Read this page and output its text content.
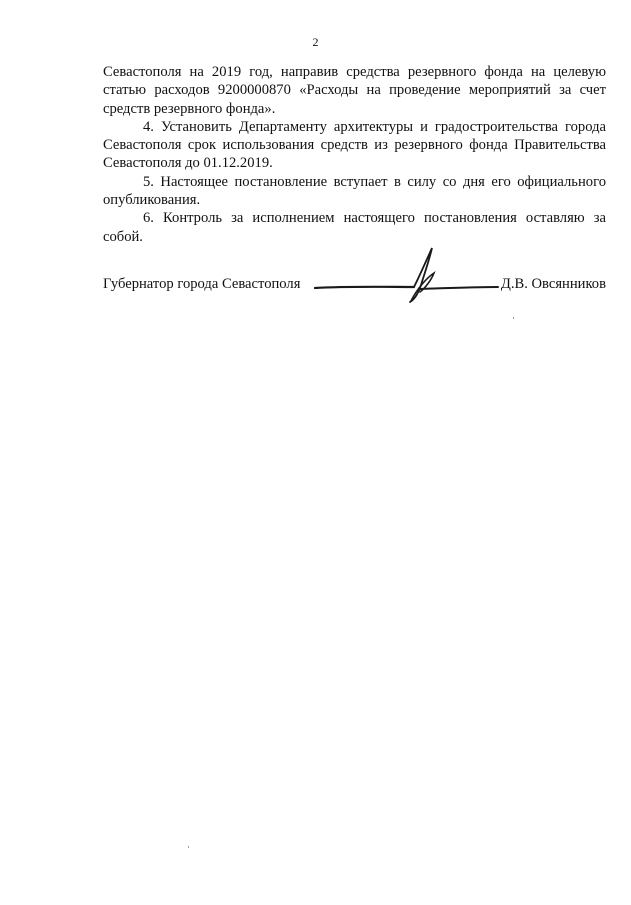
2

Севастополя на 2019 год, направив средства резервного фонда на целевую статью расходов 9200000870 «Расходы на проведение мероприятий за счет средств резервного фонда».

4. Установить Департаменту архитектуры и градостроительства города Севастополя срок использования средств из резервного фонда Правительства Севастополя до 01.12.2019.

5. Настоящее постановление вступает в силу со дня его официального опубликования.

6. Контроль за исполнением настоящего постановления оставляю за собой.

Губернатор города Севастополя	Д.В. Овсянников
